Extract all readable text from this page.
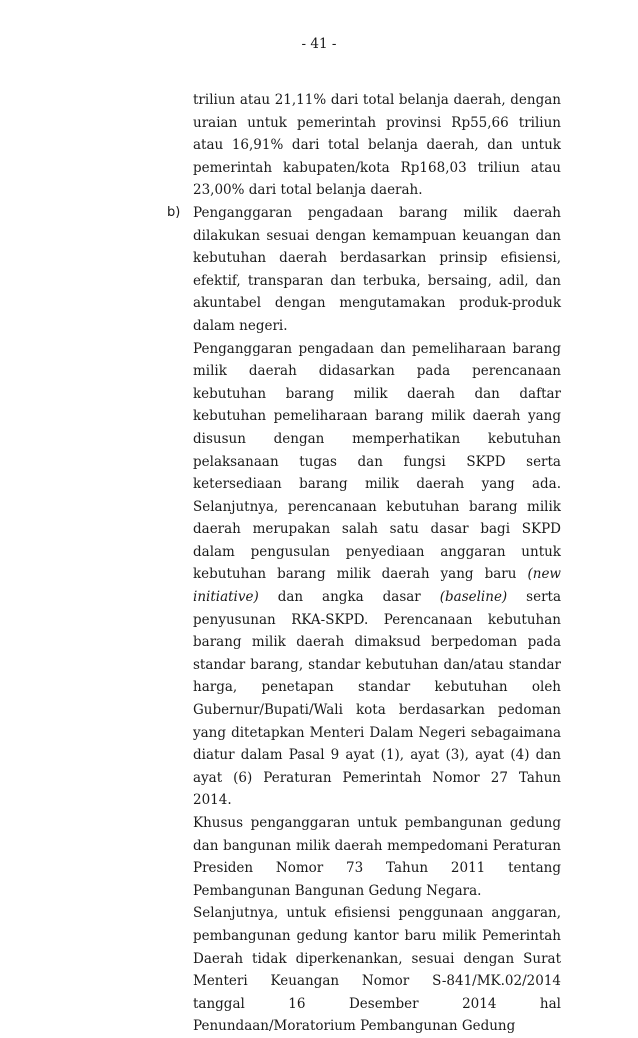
- 41 -

triliun atau 21,11% dari total belanja daerah, dengan uraian untuk pemerintah provinsi Rp55,66 triliun atau 16,91% dari total belanja daerah, dan untuk pemerintah kabupaten/kota Rp168,03 triliun atau 23,00% dari total belanja daerah.

b) Penganggaran pengadaan barang milik daerah dilakukan sesuai dengan kemampuan keuangan dan kebutuhan daerah berdasarkan prinsip efisiensi, efektif, transparan dan terbuka, bersaing, adil, dan akuntabel dengan mengutamakan produk-produk dalam negeri.

Penganggaran pengadaan dan pemeliharaan barang milik daerah didasarkan pada perencanaan kebutuhan barang milik daerah dan daftar kebutuhan pemeliharaan barang milik daerah yang disusun dengan memperhatikan kebutuhan pelaksanaan tugas dan fungsi SKPD serta ketersediaan barang milik daerah yang ada. Selanjutnya, perencanaan kebutuhan barang milik daerah merupakan salah satu dasar bagi SKPD dalam pengusulan penyediaan anggaran untuk kebutuhan barang milik daerah yang baru (new initiative) dan angka dasar (baseline) serta penyusunan RKA-SKPD. Perencanaan kebutuhan barang milik daerah dimaksud berpedoman pada standar barang, standar kebutuhan dan/atau standar harga, penetapan standar kebutuhan oleh Gubernur/Bupati/Wali kota berdasarkan pedoman yang ditetapkan Menteri Dalam Negeri sebagaimana diatur dalam Pasal 9 ayat (1), ayat (3), ayat (4) dan ayat (6) Peraturan Pemerintah Nomor 27 Tahun 2014.

Khusus penganggaran untuk pembangunan gedung dan bangunan milik daerah mempedomani Peraturan Presiden Nomor 73 Tahun 2011 tentang Pembangunan Bangunan Gedung Negara.

Selanjutnya, untuk efisiensi penggunaan anggaran, pembangunan gedung kantor baru milik Pemerintah Daerah tidak diperkenankan, sesuai dengan Surat Menteri Keuangan Nomor S-841/MK.02/2014 tanggal 16 Desember 2014 hal Penundaan/Moratorium Pembangunan Gedung
